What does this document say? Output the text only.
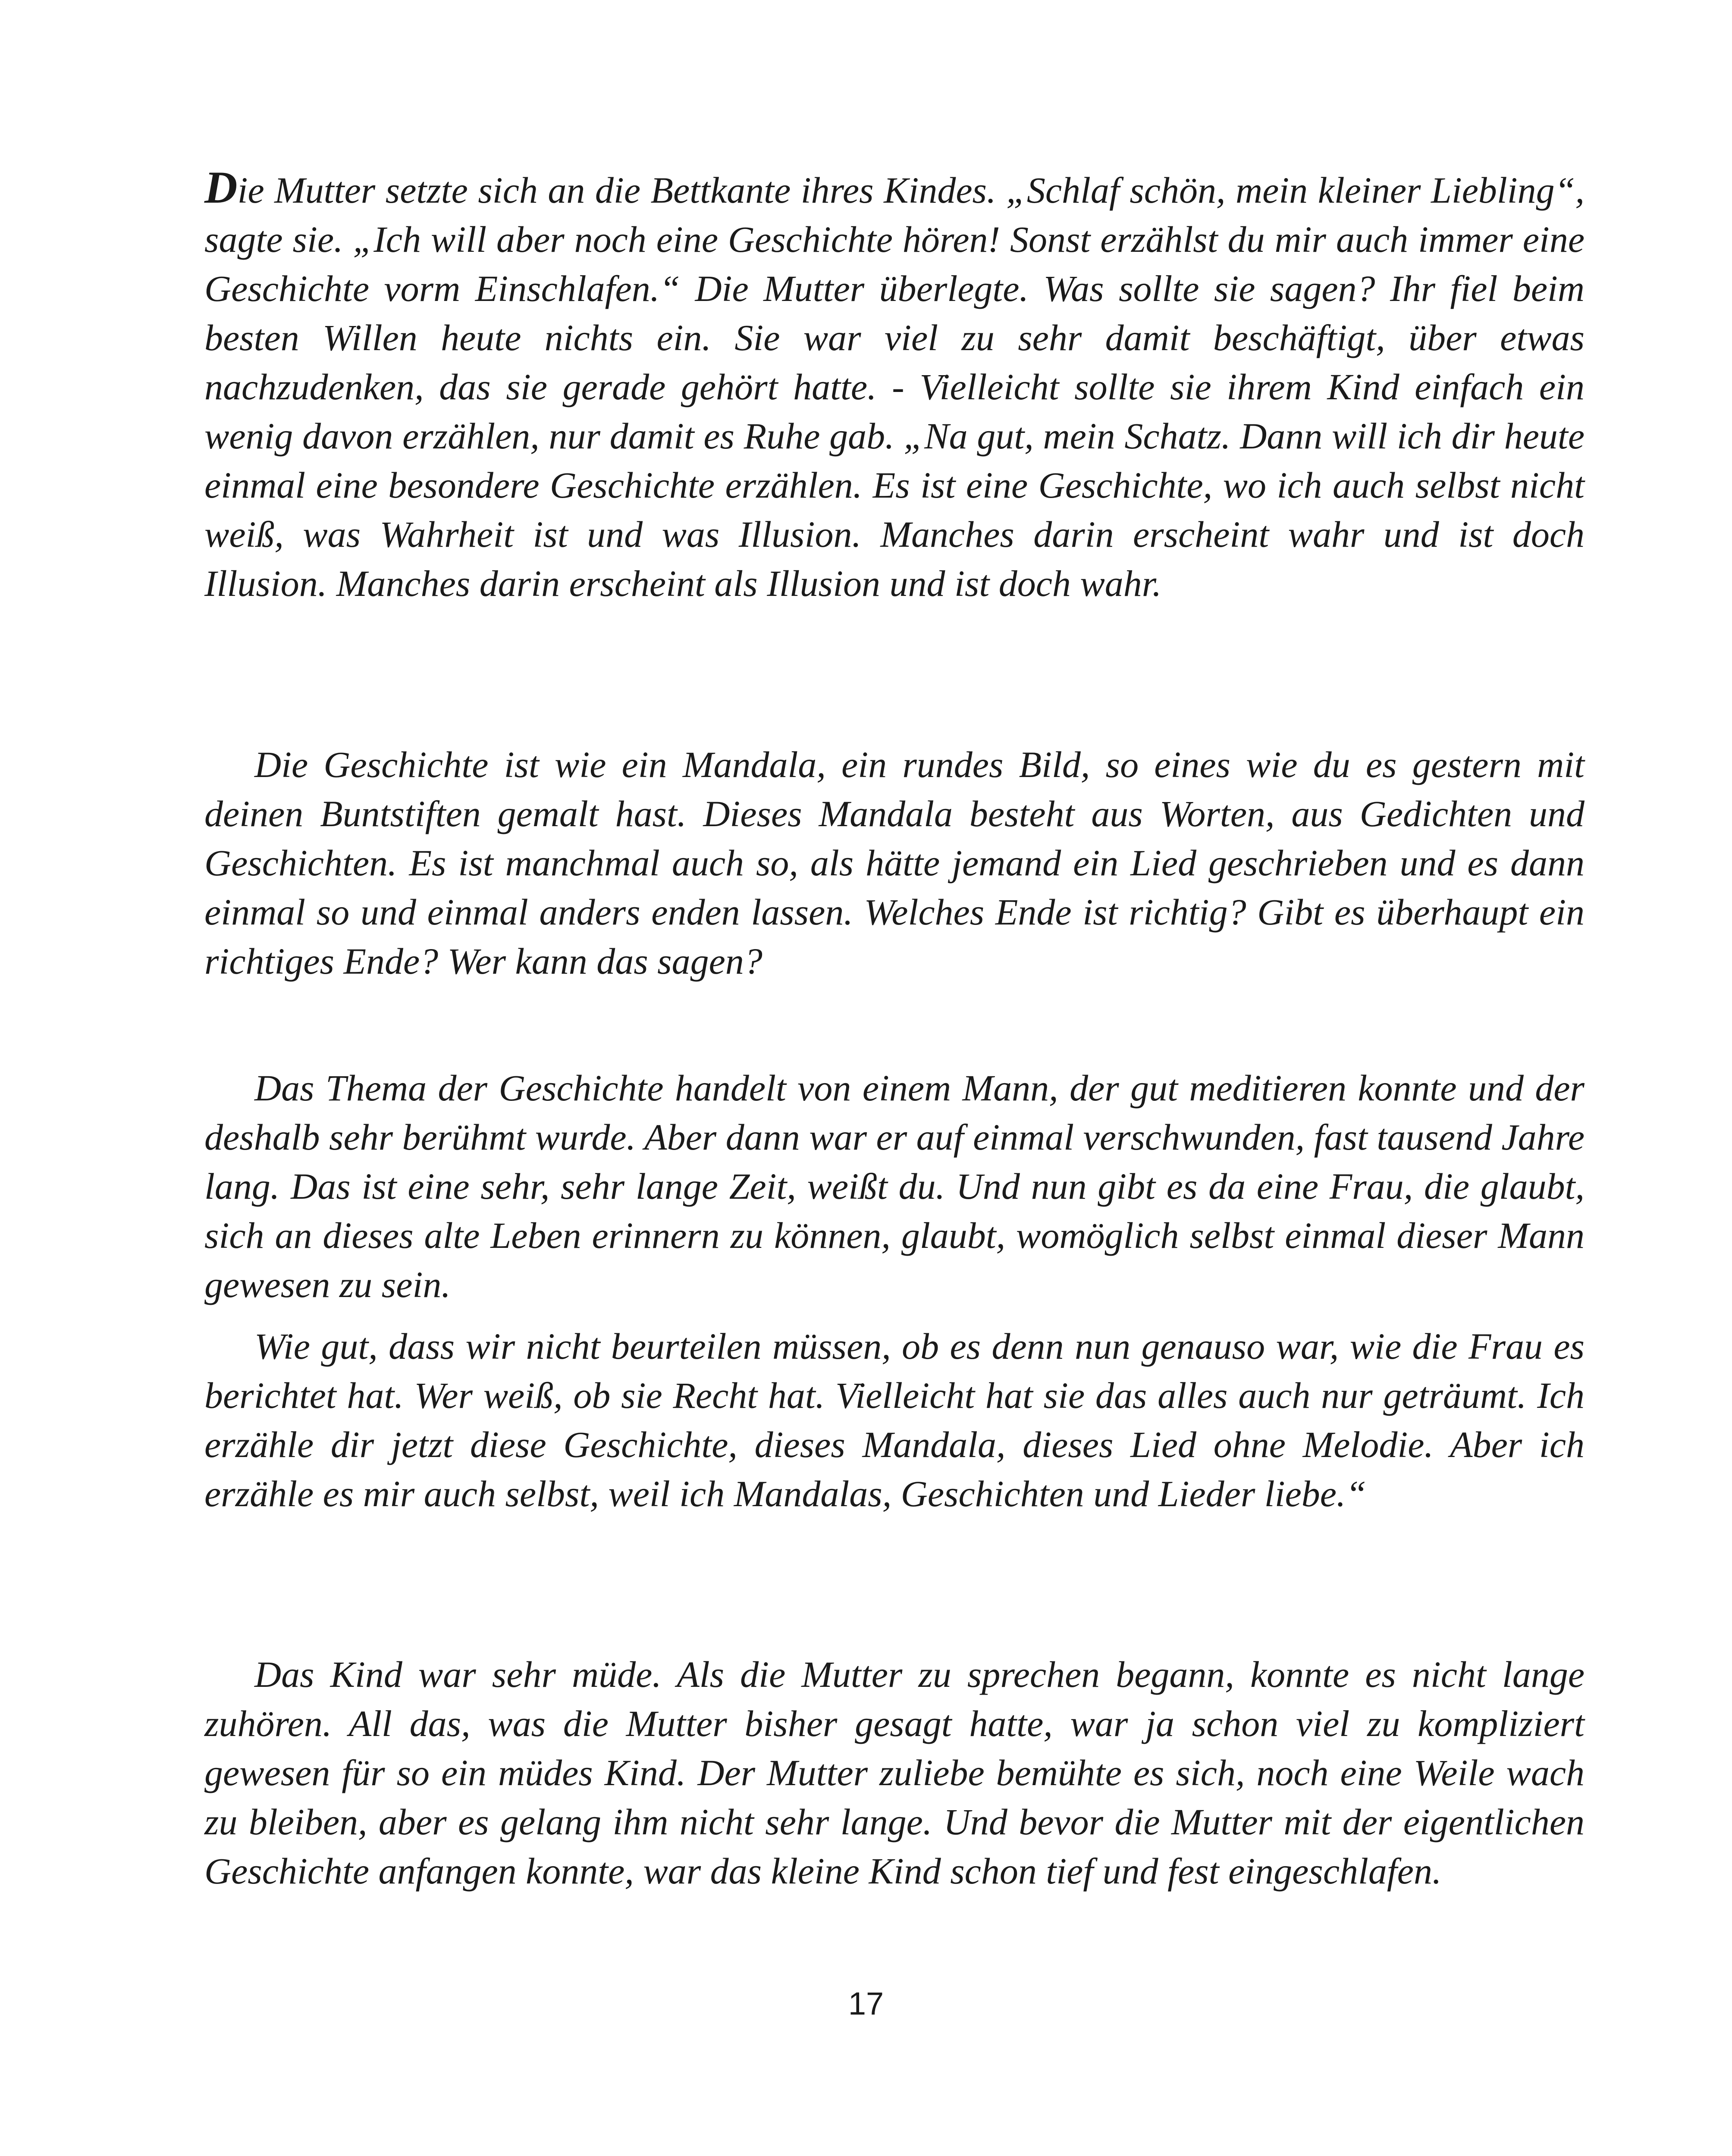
Die Mutter setzte sich an die Bettkante ihres Kindes. „Schlaf schön, mein kleiner Liebling“, sagte sie. „Ich will aber noch eine Geschichte hören! Sonst erzählst du mir auch immer eine Geschichte vorm Einschlafen.“ Die Mutter überlegte. Was sollte sie sagen? Ihr fiel beim besten Willen heute nichts ein. Sie war viel zu sehr damit beschäftigt, über etwas nachzudenken, das sie gerade gehört hatte. - Vielleicht sollte sie ihrem Kind einfach ein wenig davon erzählen, nur damit es Ruhe gab. „Na gut, mein Schatz. Dann will ich dir heute einmal eine besondere Geschichte erzählen. Es ist eine Geschichte, wo ich auch selbst nicht weiß, was Wahrheit ist und was Illusion. Manches darin erscheint wahr und ist doch Illusion. Manches darin erscheint als Illusion und ist doch wahr.

Die Geschichte ist wie ein Mandala, ein rundes Bild, so eines wie du es gestern mit deinen Buntstiften gemalt hast. Dieses Mandala besteht aus Worten, aus Gedichten und Geschichten. Es ist manchmal auch so, als hätte jemand ein Lied geschrieben und es dann einmal so und einmal anders enden lassen. Welches Ende ist richtig? Gibt es überhaupt ein richtiges Ende? Wer kann das sagen?

Das Thema der Geschichte handelt von einem Mann, der gut meditieren konnte und der deshalb sehr berühmt wurde. Aber dann war er auf einmal verschwunden, fast tausend Jahre lang. Das ist eine sehr, sehr lange Zeit, weißt du. Und nun gibt es da eine Frau, die glaubt, sich an dieses alte Leben erinnern zu können, glaubt, womöglich selbst einmal dieser Mann gewesen zu sein.

Wie gut, dass wir nicht beurteilen müssen, ob es denn nun genauso war, wie die Frau es berichtet hat. Wer weiß, ob sie Recht hat. Vielleicht hat sie das alles auch nur geträumt. Ich erzähle dir jetzt diese Geschichte, dieses Mandala, dieses Lied ohne Melodie. Aber ich erzähle es mir auch selbst, weil ich Mandalas, Geschichten und Lieder liebe.“

Das Kind war sehr müde. Als die Mutter zu sprechen begann, konnte es nicht lange zuhören. All das, was die Mutter bisher gesagt hatte, war ja schon viel zu kompliziert gewesen für so ein müdes Kind. Der Mutter zuliebe bemühte es sich, noch eine Weile wach zu bleiben, aber es gelang ihm nicht sehr lange. Und bevor die Mutter mit der eigentlichen Geschichte anfangen konnte, war das kleine Kind schon tief und fest eingeschlafen.

17
